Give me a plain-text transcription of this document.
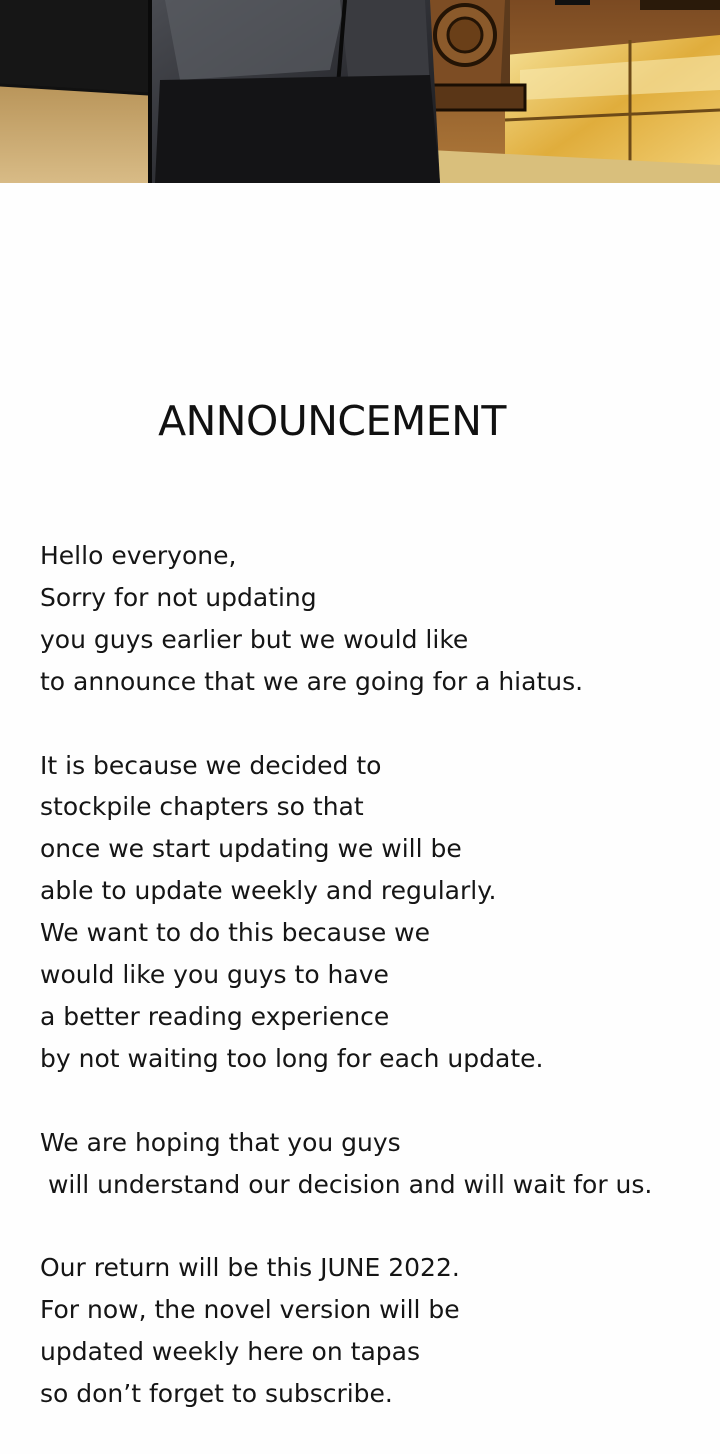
ANNOUNCEMENT
Hello everyone,
Sorry for not updating
you guys earlier but we would like
to announce that we are going for a hiatus.
It is because we decided to
stockpile chapters so that
once we start updating we will be
able to update weekly and regularly.
We want to do this because we
would like you guys to have
a better reading experience
by not waiting too long for each update.
We are hoping that you guys
will understand our decision and will wait for us.
Our return will be this JUNE 2022.
For now, the novel version will be
updated weekly here on tapas
so don’t forget to subscribe.
